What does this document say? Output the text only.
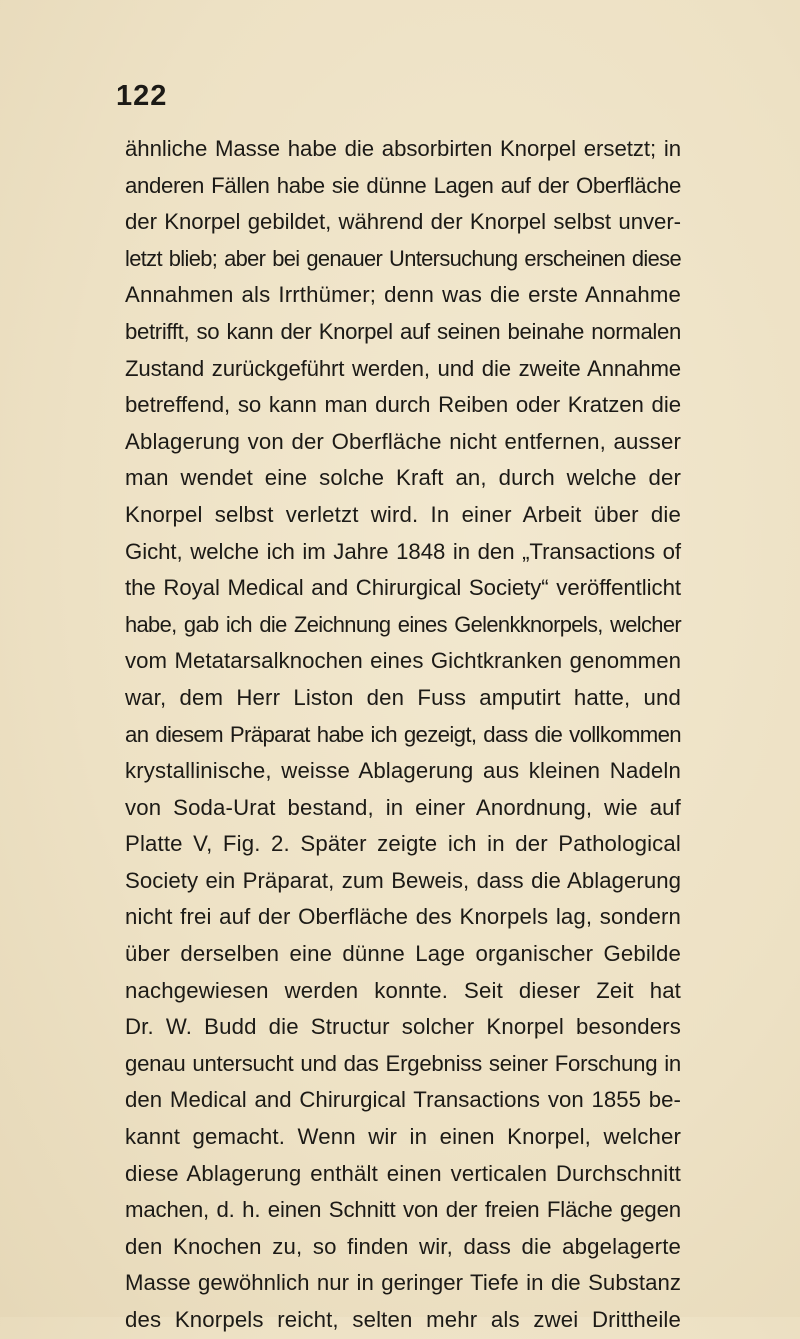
122

ähnliche Masse habe die absorbirten Knorpel ersetzt; in
anderen Fällen habe sie dünne Lagen auf der Oberfläche
der Knorpel gebildet, während der Knorpel selbst unver-
letzt blieb; aber bei genauer Untersuchung erscheinen diese
Annahmen als Irrthümer; denn was die erste Annahme
betrifft, so kann der Knorpel auf seinen beinahe normalen
Zustand zurückgeführt werden, und die zweite Annahme
betreffend, so kann man durch Reiben oder Kratzen die
Ablagerung von der Oberfläche nicht entfernen, ausser
man wendet eine solche Kraft an, durch welche der
Knorpel selbst verletzt wird. In einer Arbeit über die
Gicht, welche ich im Jahre 1848 in den „Transactions of
the Royal Medical and Chirurgical Society“ veröffentlicht
habe, gab ich die Zeichnung eines Gelenkknorpels, welcher
vom Metatarsalknochen eines Gichtkranken genommen
war, dem Herr Liston den Fuss amputirt hatte, und
an diesem Präparat habe ich gezeigt, dass die vollkommen
krystallinische, weisse Ablagerung aus kleinen Nadeln
von Soda-Urat bestand, in einer Anordnung, wie auf
Platte V, Fig. 2. Später zeigte ich in der Pathological
Society ein Präparat, zum Beweis, dass die Ablagerung
nicht frei auf der Oberfläche des Knorpels lag, sondern
über derselben eine dünne Lage organischer Gebilde
nachgewiesen werden konnte. Seit dieser Zeit hat
Dr. W. Budd die Structur solcher Knorpel besonders
genau untersucht und das Ergebniss seiner Forschung in
den Medical and Chirurgical Transactions von 1855 be-
kannt gemacht. Wenn wir in einen Knorpel, welcher
diese Ablagerung enthält einen verticalen Durchschnitt
machen, d. h. einen Schnitt von der freien Fläche gegen
den Knochen zu, so finden wir, dass die abgelagerte
Masse gewöhnlich nur in geringer Tiefe in die Substanz
des Knorpels reicht, selten mehr als zwei Drittheile
